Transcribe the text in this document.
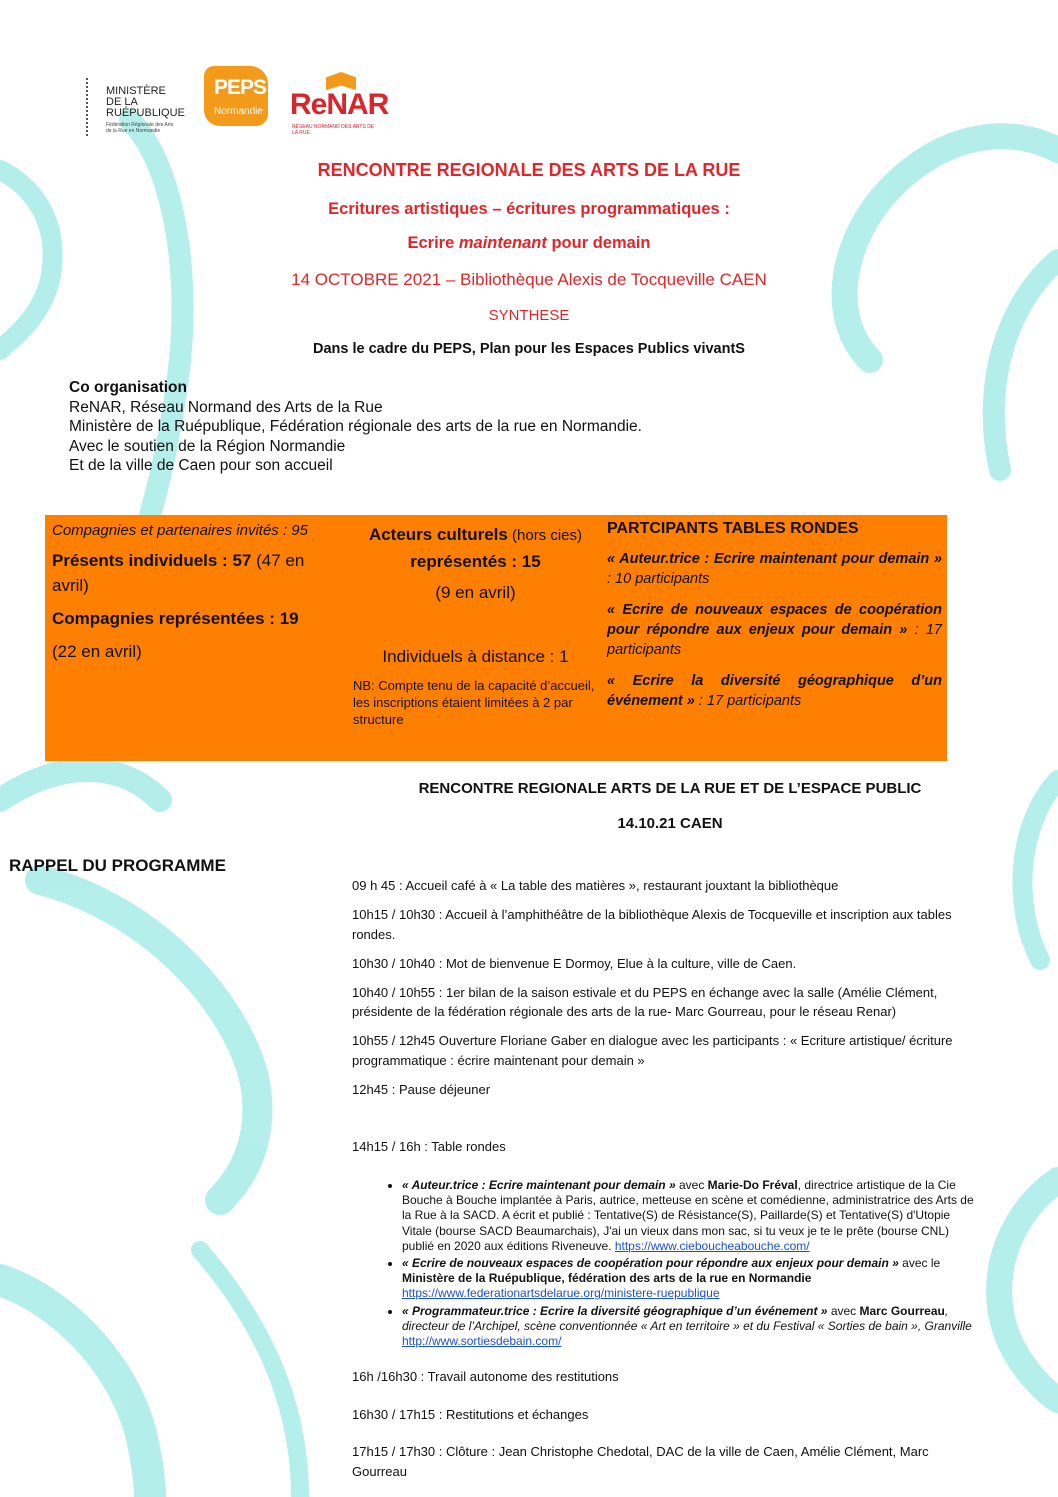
MINISTÈRE
DE LA
RUÉPUBLIQUE
Fédération Régionale des Arts de la Rue en Normandie
PEPS
Normandie ReNAR
RÉSEAU NORMAND DES ARTS DE LA RUE
RENCONTRE REGIONALE DES ARTS DE LA RUE
Ecritures artistiques – écritures programmatiques :
Ecrire maintenant pour demain
14 OCTOBRE 2021 – Bibliothèque Alexis de Tocqueville CAEN
SYNTHESE
Dans le cadre du PEPS, Plan pour les Espaces Publics vivantS
Co organisation
ReNAR, Réseau Normand des Arts de la Rue
Ministère de la Ruépublique, Fédération régionale des arts de la rue en Normandie.
Avec le soutien de la Région Normandie
Et de la ville de Caen pour son accueil
Compagnies et partenaires invités : 95
Présents individuels : 57 (47 en avril)
Compagnies représentées : 19
(22 en avril)
Acteurs culturels (hors cies) représentés : 15
(9 en avril)
Individuels à distance : 1
NB: Compte tenu de la capacité d’accueil, les inscriptions étaient limitées à 2 par structure
PARTCIPANTS TABLES RONDES
« Auteur.trice : Ecrire maintenant pour demain » : 10 participants
« Ecrire de nouveaux espaces de coopération pour répondre aux enjeux pour demain » : 17 participants
« Ecrire la diversité géographique d’un événement » : 17 participants
RENCONTRE REGIONALE ARTS DE LA RUE ET DE L’ESPACE PUBLIC
14.10.21 CAEN
RAPPEL DU PROGRAMME

09 h 45 : Accueil café à « La table des matières », restaurant jouxtant la bibliothèque

10h15 / 10h30 : Accueil à l’amphithéâtre de la bibliothèque Alexis de Tocqueville et inscription aux tables rondes.

10h30 / 10h40 : Mot de bienvenue E Dormoy, Elue à la culture, ville de Caen.

10h40 / 10h55 : 1er bilan de la saison estivale et du PEPS en échange avec la salle (Amélie Clément, présidente de la fédération régionale des arts de la rue- Marc Gourreau, pour le réseau Renar)

10h55 / 12h45 Ouverture Floriane Gaber en dialogue avec les participants : « Ecriture artistique/ écriture programmatique : écrire maintenant pour demain »

12h45 : Pause déjeuner

14h15 / 16h : Table rondes

• « Auteur.trice : Ecrire maintenant pour demain » avec Marie-Do Fréval, directrice artistique de la Cie Bouche à Bouche implantée à Paris, autrice, metteuse en scène et comédienne, administratrice des Arts de la Rue à la SACD. A écrit et publié : Tentative(S) de Résistance(S), Paillarde(S) et Tentative(S) d'Utopie Vitale (bourse SACD Beaumarchais), J'ai un vieux dans mon sac, si tu veux je te le prête (bourse CNL) publié en 2020 aux éditions Riveneuve. https://www.cieboucheabouche.com/
• « Ecrire de nouveaux espaces de coopération pour répondre aux enjeux pour demain » avec le Ministère de la Ruépublique, fédération des arts de la rue en Normandie https://www.federationartsdelarue.org/ministere-ruepublique
• « Programmateur.trice : Ecrire la diversité géographique d’un événement » avec Marc Gourreau, directeur de l’Archipel, scène conventionnée « Art en territoire » et du Festival « Sorties de bain », Granville http://www.sortiesdebain.com/

16h /16h30 : Travail autonome des restitutions

16h30 / 17h15 : Restitutions et échanges

17h15 / 17h30 : Clôture : Jean Christophe Chedotal, DAC de la ville de Caen, Amélie Clément, Marc Gourreau
